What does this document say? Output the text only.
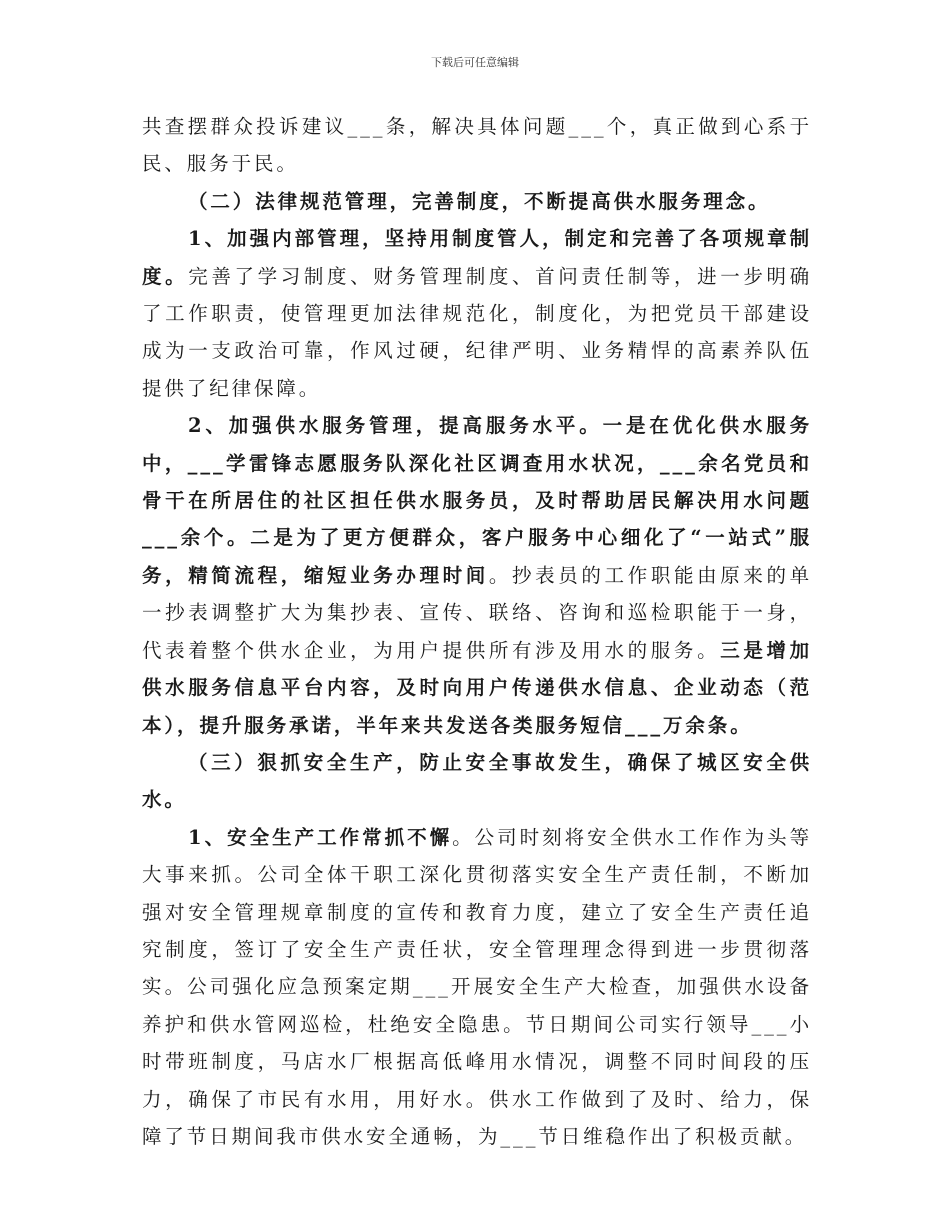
下载后可任意编辑

共查摆群众投诉建议___条，解决具体问题___个，真正做到心系于民、服务于民。

（二）法律规范管理，完善制度，不断提高供水服务理念。

1、加强内部管理，坚持用制度管人，制定和完善了各项规章制度。完善了学习制度、财务管理制度、首问责任制等，进一步明确了工作职责，使管理更加法律规范化，制度化，为把党员干部建设成为一支政治可靠，作风过硬，纪律严明、业务精悍的高素养队伍提供了纪律保障。

2、加强供水服务管理，提高服务水平。一是在优化供水服务中，___学雷锋志愿服务队深化社区调查用水状况，___余名党员和骨干在所居住的社区担任供水服务员，及时帮助居民解决用水问题___余个。二是为了更方便群众，客户服务中心细化了“一站式”服务，精简流程，缩短业务办理时间。抄表员的工作职能由原来的单一抄表调整扩大为集抄表、宣传、联络、咨询和巡检职能于一身，代表着整个供水企业，为用户提供所有涉及用水的服务。三是增加供水服务信息平台内容，及时向用户传递供水信息、企业动态（范本），提升服务承诺，半年来共发送各类服务短信___万余条。

（三）狠抓安全生产，防止安全事故发生，确保了城区安全供水。

1、安全生产工作常抓不懈。公司时刻将安全供水工作作为头等大事来抓。公司全体干职工深化贯彻落实安全生产责任制，不断加强对安全管理规章制度的宣传和教育力度，建立了安全生产责任追究制度，签订了安全生产责任状，安全管理理念得到进一步贯彻落实。公司强化应急预案定期___开展安全生产大检查，加强供水设备养护和供水管网巡检，杜绝安全隐患。节日期间公司实行领导___小时带班制度，马店水厂根据高低峰用水情况，调整不同时间段的压力，确保了市民有水用，用好水。供水工作做到了及时、给力，保障了节日期间我市供水安全通畅，为___节日维稳作出了积极贡献。
